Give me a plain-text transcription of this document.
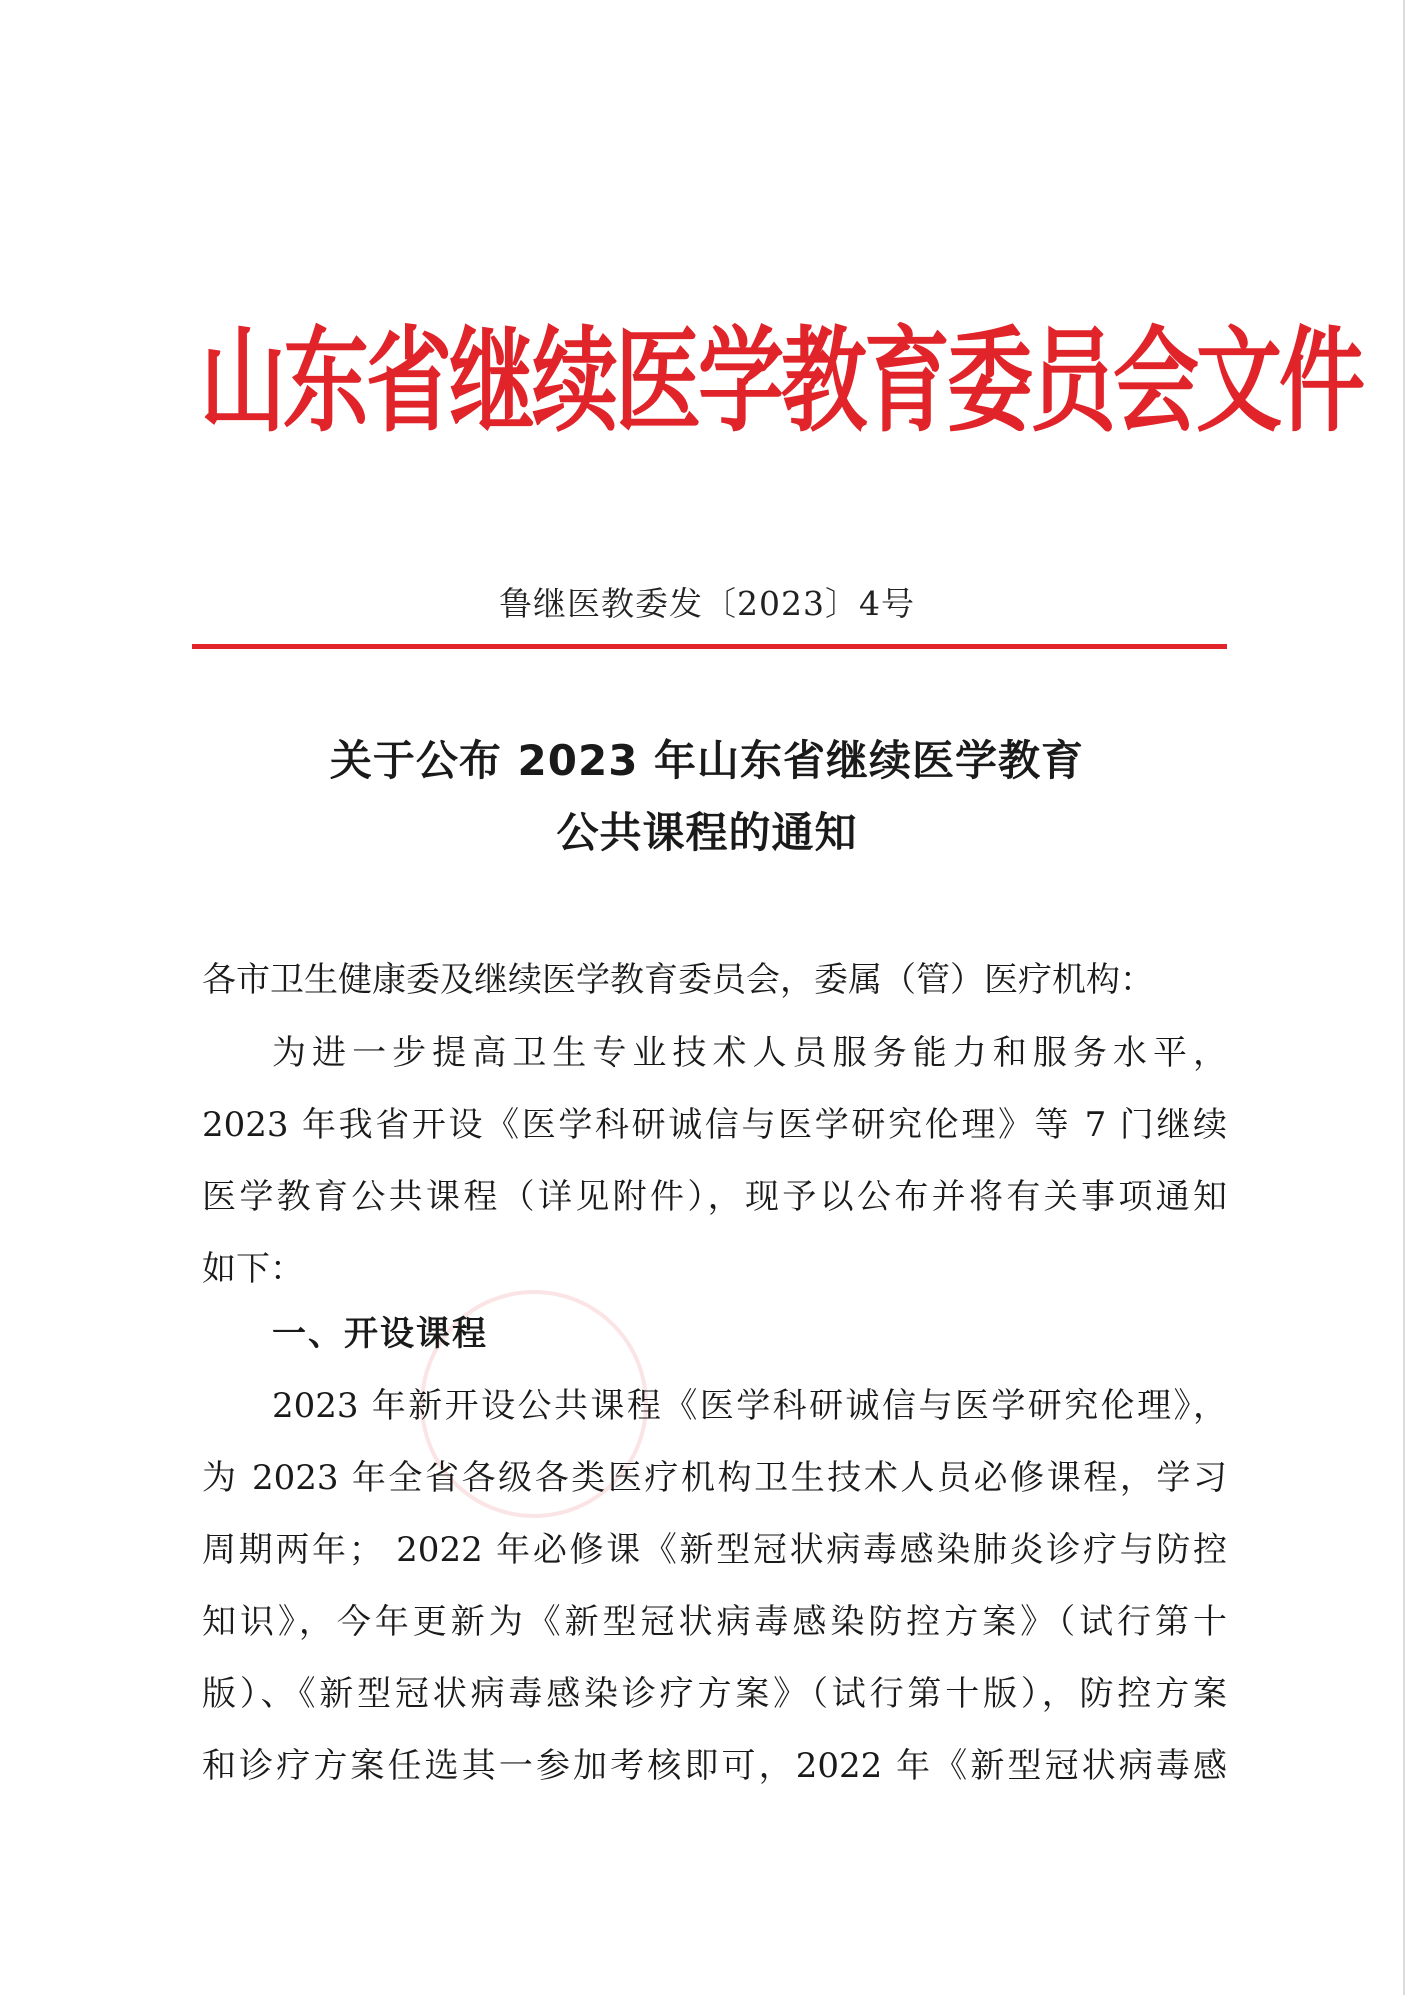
山东省继续医学教育委员会文件
鲁继医教委发〔2023〕4号
关于公布 2023 年山东省继续医学教育
公共课程的通知
各市卫生健康委及继续医学教育委员会，委属（管）医疗机构：
为进一步提高卫生专业技术人员服务能力和服务水平，
2023 年我省开设《医学科研诚信与医学研究伦理》等 7 门继续
医学教育公共课程（详见附件），现予以公布并将有关事项通知
如下：
一、开设课程
2023 年新开设公共课程《医学科研诚信与医学研究伦理》，
为 2023 年全省各级各类医疗机构卫生技术人员必修课程，学习
周期两年； 2022 年必修课《新型冠状病毒感染肺炎诊疗与防控
知识》，今年更新为《新型冠状病毒感染防控方案》（试行第十
版）、《新型冠状病毒感染诊疗方案》（试行第十版），防控方案
和诊疗方案任选其一参加考核即可，2022 年《新型冠状病毒感
